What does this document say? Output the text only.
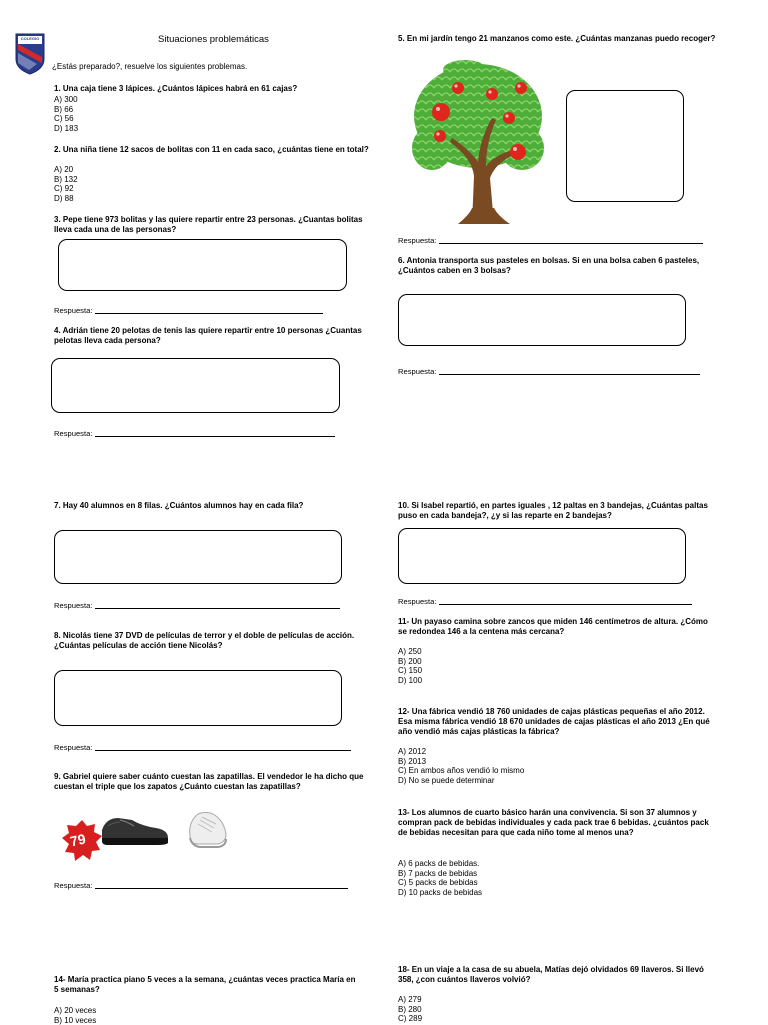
COLEGIO	Situaciones problemáticas
¿Estás preparado?, resuelve los siguientes problemas.
1. Una caja tiene 3 lápices. ¿Cuántos lápices habrá en 61 cajas?
A) 300
B) 66
C) 56
D) 183
2. Una niña tiene 12 sacos de bolitas con 11 en cada saco, ¿cuántas tiene en total?
A) 20
B) 132
C) 92
D) 88
3. Pepe tiene 973 bolitas y las quiere repartir entre 23 personas. ¿Cuantas bolitas lleva cada una de las personas?
Respuesta:
4. Adrián tiene 20 pelotas de tenis las quiere repartir entre 10 personas ¿Cuantas pelotas lleva cada persona?
Respuesta:
7. Hay 40 alumnos en 8 filas. ¿Cuántos alumnos hay en cada fila?
Respuesta:
8. Nicolás tiene 37 DVD de películas de terror y el doble de películas de acción. ¿Cuántas películas de acción tiene Nicolás?
Respuesta:
9. Gabriel quiere saber cuánto cuestan las zapatillas. El vendedor le ha dicho que cuestan el triple que los zapatos ¿Cuánto cuestan las zapatillas?
79
Respuesta:
14- María practica piano 5 veces a la semana, ¿cuántas veces practica María en 5 semanas?
A) 20 veces
B) 10 veces
5. En mi jardín tengo 21 manzanos como este. ¿Cuántas manzanas puedo recoger?
Respuesta:
6. Antonia transporta sus pasteles en bolsas. Si en una bolsa caben 6 pasteles, ¿Cuántos caben en 3 bolsas?
Respuesta:
10. Si Isabel repartió, en partes iguales , 12 paltas en 3 bandejas, ¿Cuántas paltas puso en cada bandeja?, ¿y si las reparte en 2 bandejas?
Respuesta:
11- Un payaso camina sobre zancos que miden 146 centímetros de altura. ¿Cómo se redondea 146 a la centena más cercana?
A) 250
B) 200
C) 150
D) 100
12- Una fábrica vendió 18 760 unidades de cajas plásticas pequeñas el año 2012. Esa misma fábrica vendió 18 670 unidades de cajas plásticas el año 2013 ¿En qué año vendió más cajas plásticas la fábrica?
A) 2012
B) 2013
C) En ambos años vendió lo mismo
D) No se puede determinar
13- Los alumnos de cuarto básico harán una convivencia. Si son 37 alumnos y compran pack de bebidas individuales y cada pack trae 6 bebidas. ¿cuántos pack de bebidas necesitan para que cada niño tome al menos una?
A) 6 packs de bebidas.
B) 7 packs de bebidas
C) 5 packs de bebidas
D) 10 packs de bebidas
18- En un viaje a la casa de su abuela, Matías dejó olvidados 69 llaveros. Si llevó 358, ¿con cuántos llaveros volvió?
A) 279
B) 280
C) 289
